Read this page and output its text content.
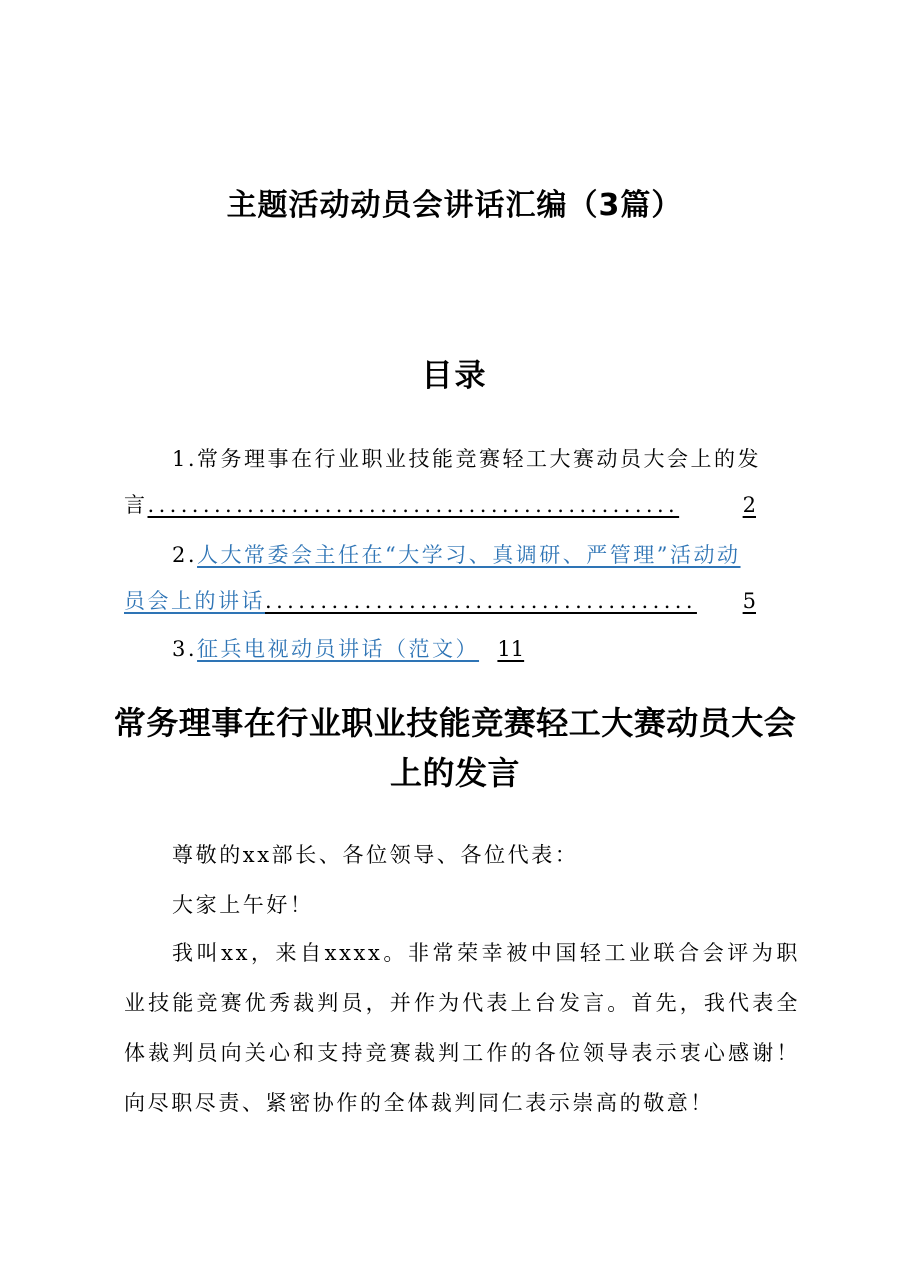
主题活动动员会讲话汇编（3篇）
目录
1.常务理事在行业职业技能竞赛轻工大赛动员大会上的发
言................................................	2
2.人大常委会主任在“大学习、真调研、严管理”活动动
员会上的讲话....................................... 5
3.征兵电视动员讲话（范文） 11
常务理事在行业职业技能竞赛轻工大赛动员大会上的发言
尊敬的xx部长、各位领导、各位代表：
大家上午好！
我叫xx，来自xxxx。非常荣幸被中国轻工业联合会评为职业技能竞赛优秀裁判员，并作为代表上台发言。首先，我代表全体裁判员向关心和支持竞赛裁判工作的各位领导表示衷心感谢！向尽职尽责、紧密协作的全体裁判同仁表示崇高的敬意！
